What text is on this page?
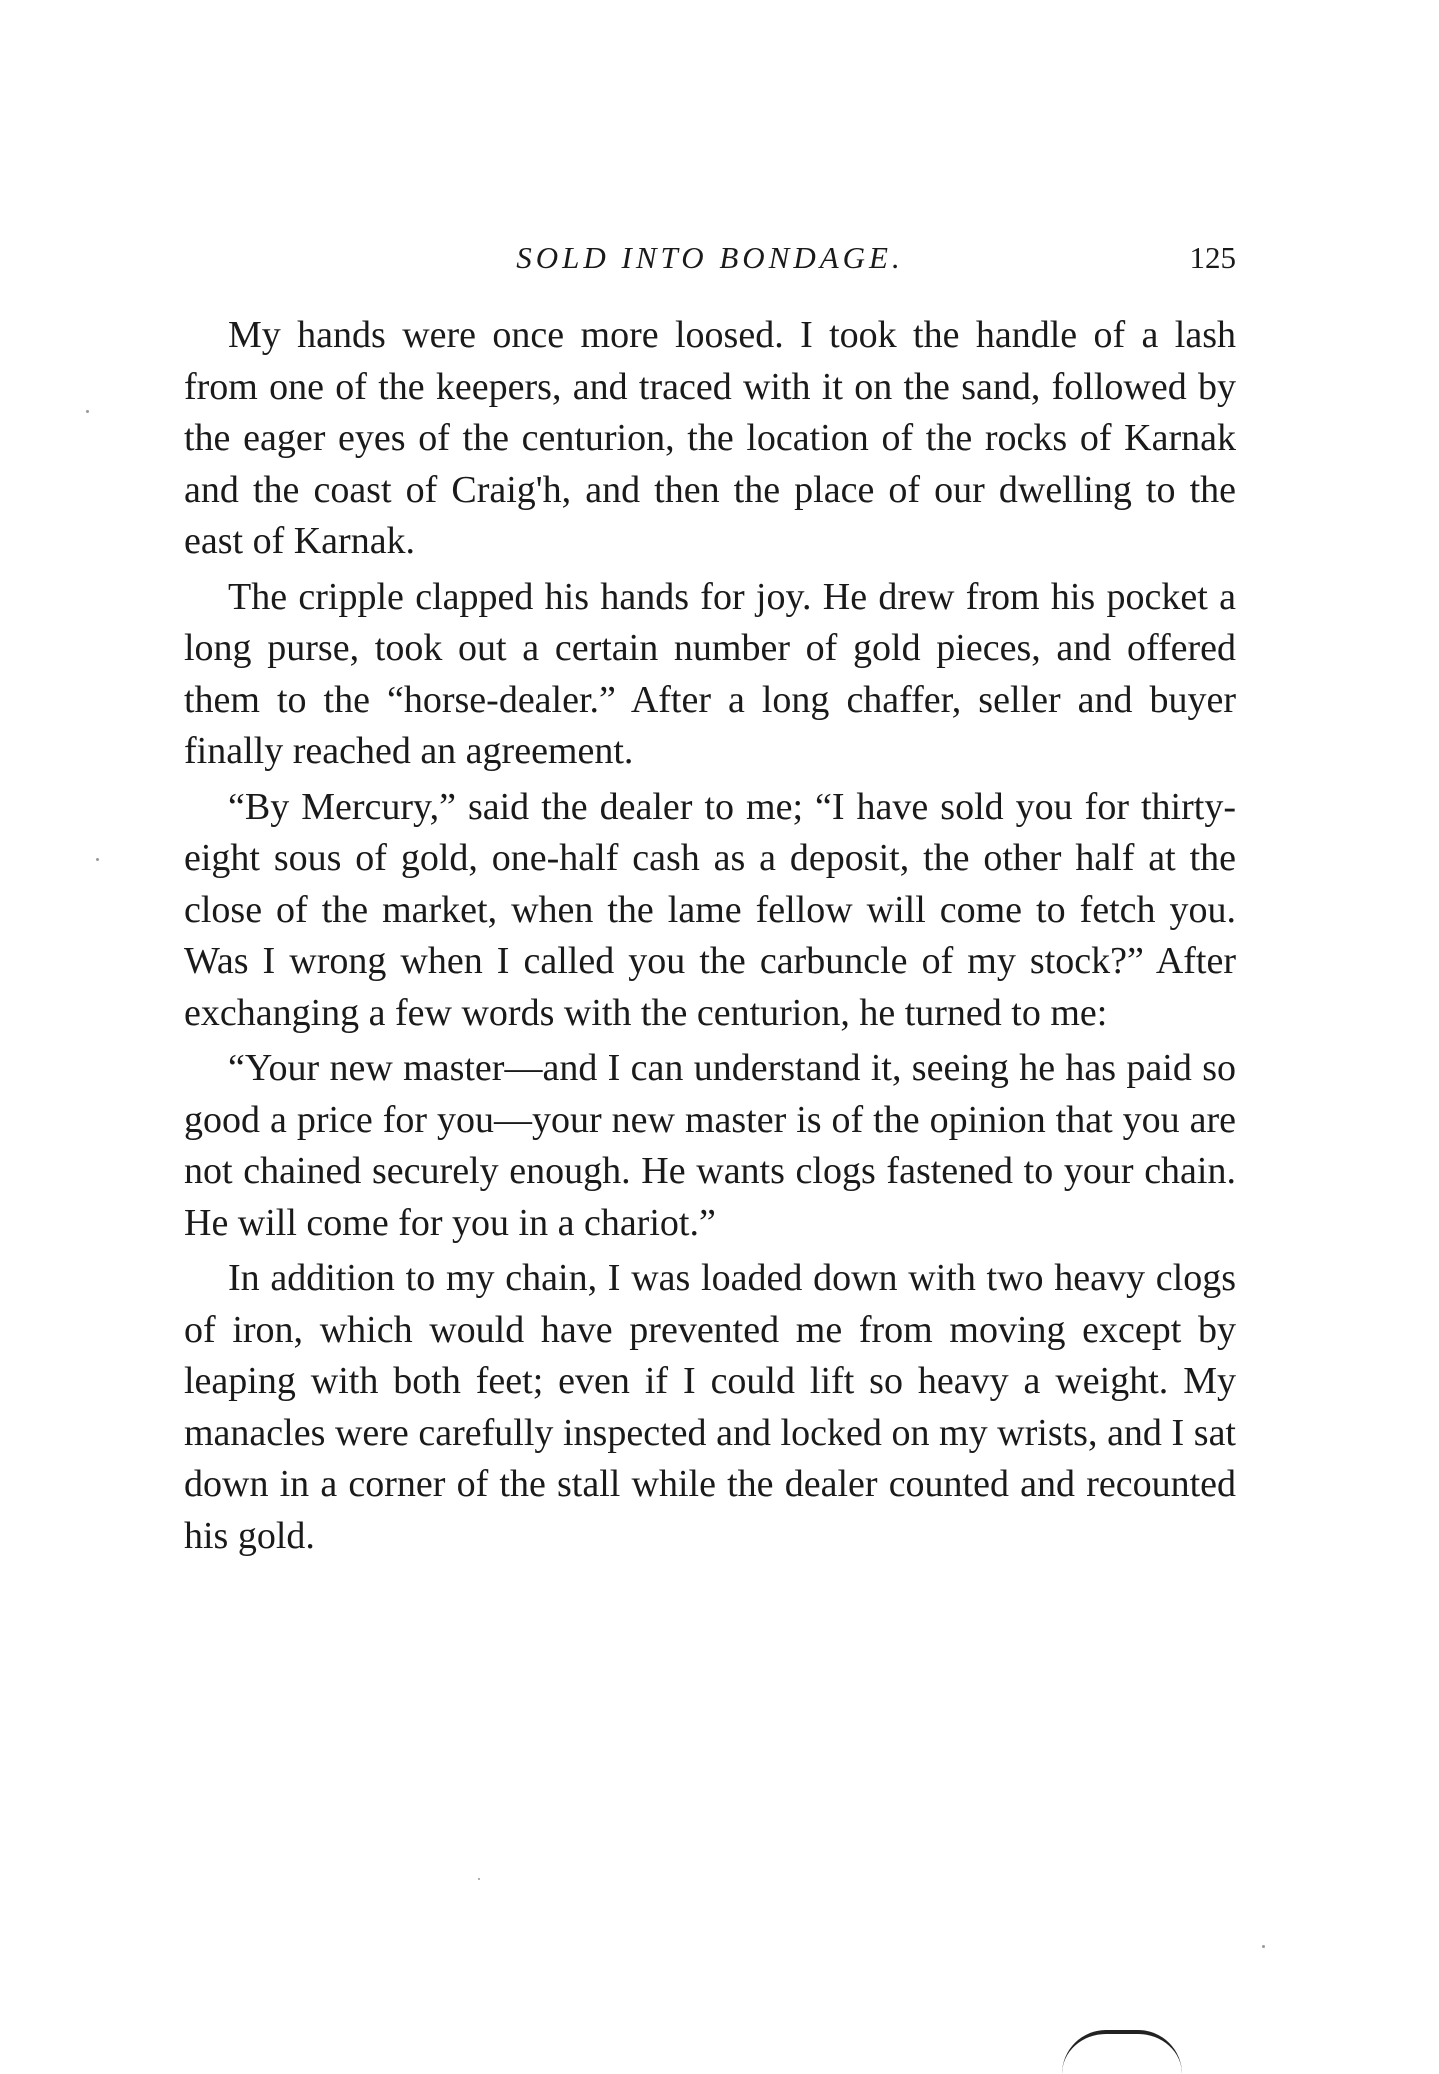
SOLD INTO BONDAGE.	125

My hands were once more loosed. I took the handle of a lash from one of the keepers, and traced with it on the sand, followed by the eager eyes of the centurion, the location of the rocks of Karnak and the coast of Craig'h, and then the place of our dwelling to the east of Karnak.

The cripple clapped his hands for joy. He drew from his pocket a long purse, took out a certain number of gold pieces, and offered them to the “horse-dealer.” After a long chaffer, seller and buyer finally reached an agreement.

“By Mercury,” said the dealer to me; “I have sold you for thirty-eight sous of gold, one-half cash as a deposit, the other half at the close of the market, when the lame fellow will come to fetch you. Was I wrong when I called you the carbuncle of my stock?” After exchanging a few words with the centurion, he turned to me:

“Your new master—and I can understand it, seeing he has paid so good a price for you—your new master is of the opinion that you are not chained securely enough. He wants clogs fastened to your chain. He will come for you in a chariot.”

In addition to my chain, I was loaded down with two heavy clogs of iron, which would have prevented me from moving except by leaping with both feet; even if I could lift so heavy a weight. My manacles were carefully inspected and locked on my wrists, and I sat down in a corner of the stall while the dealer counted and recounted his gold.
